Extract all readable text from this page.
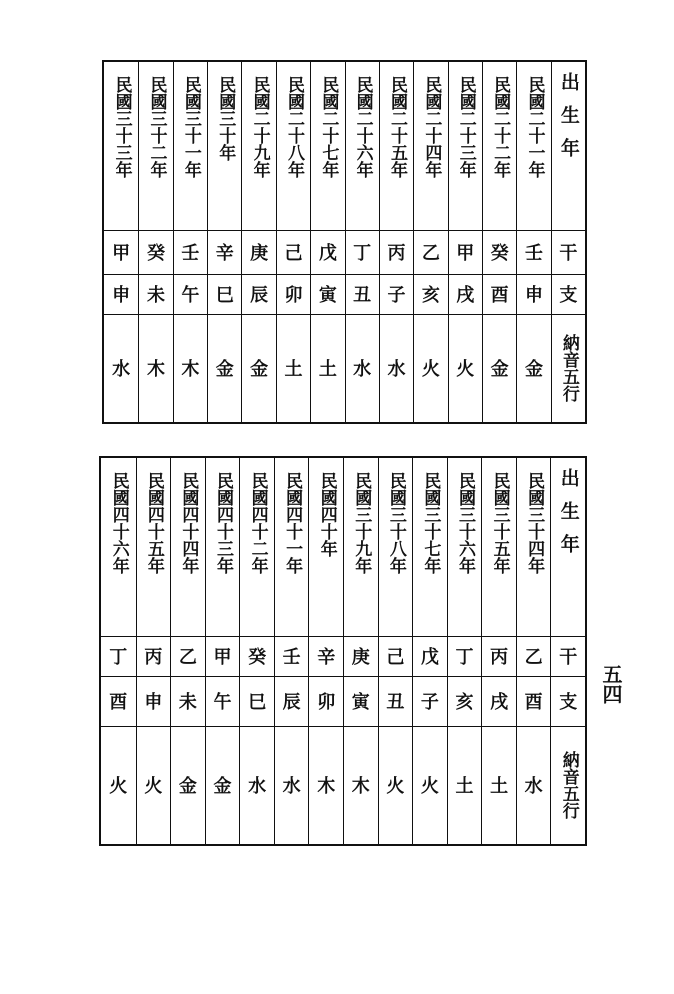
民國三十三年
甲
申
水
民國三十二年
癸
未
木
民國三十一年
壬
午
木
民國三十年
辛
巳
金
民國二十九年
庚
辰
金
民國二十八年
己
卯
土
民國二十七年
戊
寅
土
民國二十六年
丁
丑
水
民國二十五年
丙
子
水
民國二十四年
乙
亥
火
民國二十三年
甲
戌
火
民國二十二年
癸
酉
金
民國二十一年
壬
申
金
出生年
干
支
納音五行
民國四十六年
丁
酉
火
民國四十五年
丙
申
火
民國四十四年
乙
未
金
民國四十三年
甲
午
金
民國四十二年
癸
巳
水
民國四十一年
壬
辰
水
民國四十年
辛
卯
木
民國三十九年
庚
寅
木
民國三十八年
己
丑
火
民國三十七年
戊
子
火
民國三十六年
丁
亥
土
民國三十五年
丙
戌
土
民國三十四年
乙
酉
水
出生年
干
支
納音五行
五四
